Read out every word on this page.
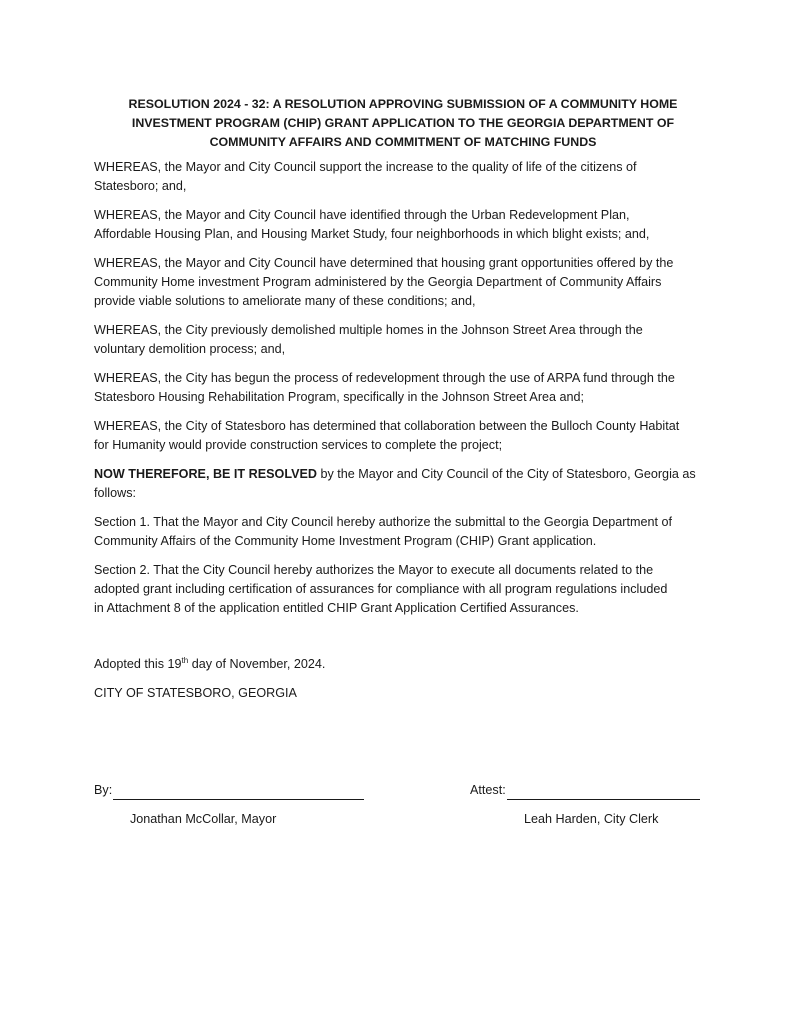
RESOLUTION 2024 - 32: A RESOLUTION APPROVING SUBMISSION OF A COMMUNITY HOME
INVESTMENT PROGRAM (CHIP) GRANT APPLICATION TO THE GEORGIA DEPARTMENT OF
COMMUNITY AFFAIRS AND COMMITMENT OF MATCHING FUNDS
WHEREAS, the Mayor and City Council support the increase to the quality of life of the citizens of
Statesboro; and,
WHEREAS, the Mayor and City Council have identified through the Urban Redevelopment Plan,
Affordable Housing Plan, and Housing Market Study, four neighborhoods in which blight exists; and,
WHEREAS, the Mayor and City Council have determined that housing grant opportunities offered by the
Community Home investment Program administered by the Georgia Department of Community Affairs
provide viable solutions to ameliorate many of these conditions; and,
WHEREAS, the City previously demolished multiple homes in the Johnson Street Area through the
voluntary demolition process; and,
WHEREAS, the City has begun the process of redevelopment through the use of ARPA fund through the
Statesboro Housing Rehabilitation Program, specifically in the Johnson Street Area and;
WHEREAS, the City of Statesboro has determined that collaboration between the Bulloch County Habitat
for Humanity would provide construction services to complete the project;
NOW THEREFORE, BE IT RESOLVED by the Mayor and City Council of the City of Statesboro, Georgia as
follows:
Section 1. That the Mayor and City Council hereby authorize the submittal to the Georgia Department of
Community Affairs of the Community Home Investment Program (CHIP) Grant application.
Section 2. That the City Council hereby authorizes the Mayor to execute all documents related to the
adopted grant including certification of assurances for compliance with all program regulations included
in Attachment 8 of the application entitled CHIP Grant Application Certified Assurances.
Adopted this 19th day of November, 2024.
CITY OF STATESBORO, GEORGIA
By:	Attest:
Jonathan McCollar, Mayor	Leah Harden, City Clerk
